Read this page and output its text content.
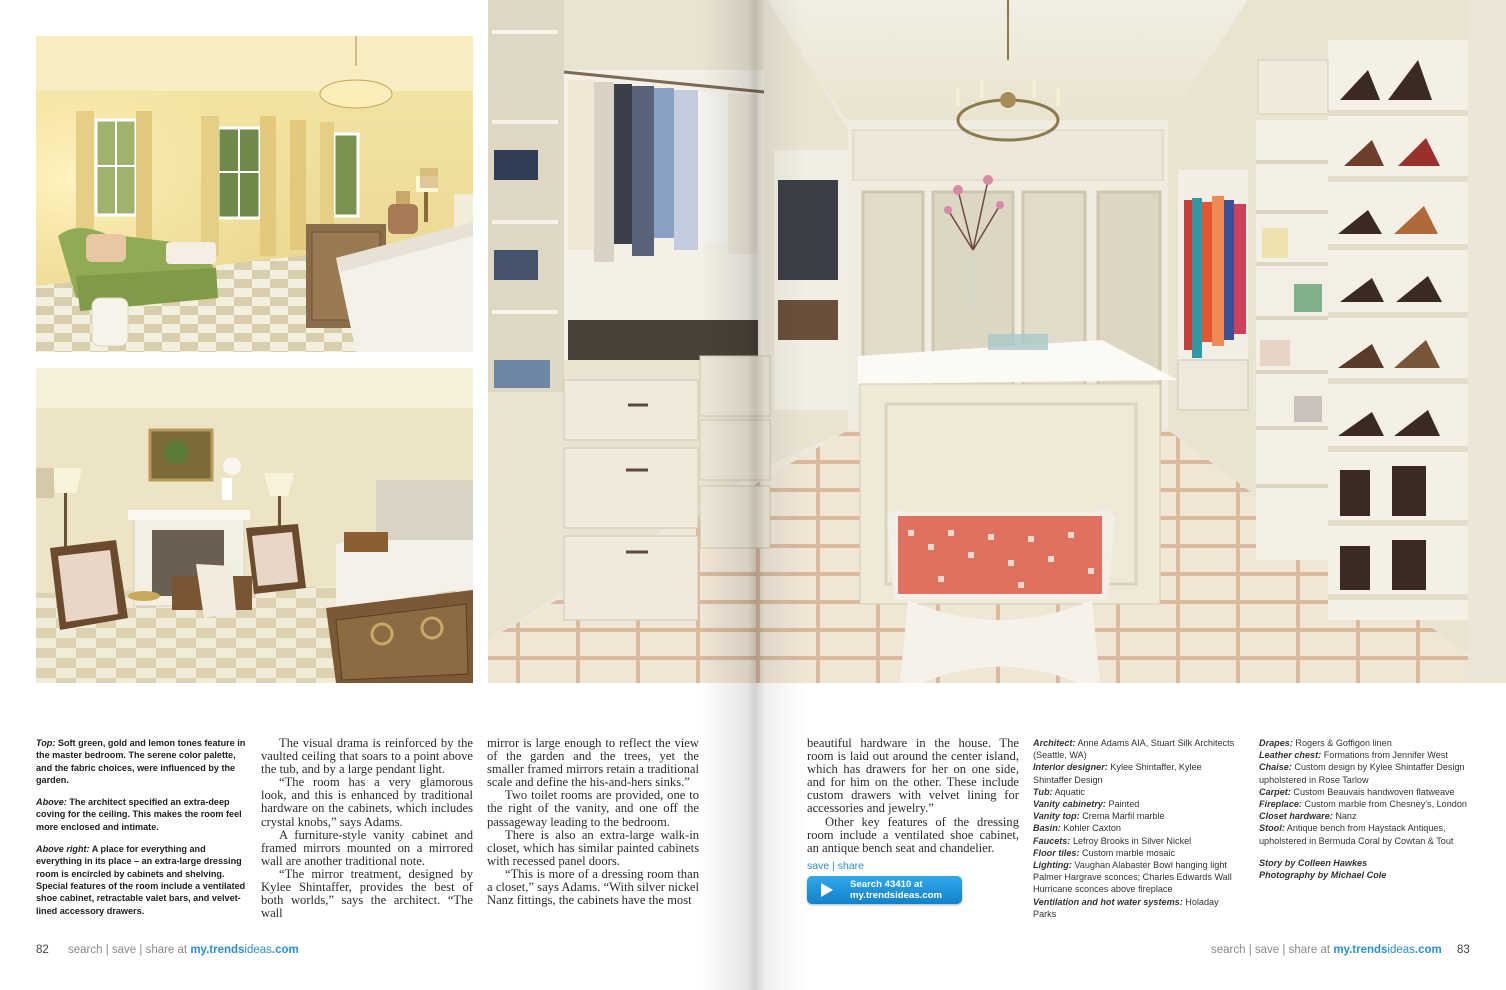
Top: Soft green, gold and lemon tones feature in the master bedroom. The serene color palette, and the fabric choices, were influenced by the garden.

Above: The architect specified an extra-deep coving for the ceiling. This makes the room feel more enclosed and intimate.

Above right: A place for everything and everything in its place – an extra-large dressing room is encircled by cabinets and shelving. Special features of the room include a ventilated shoe cabinet, retractable valet bars, and velvet-lined accessory drawers.

The visual drama is reinforced by the vaulted ceiling that soars to a point above the tub, and by a large pendant light.

“The room has a very glamorous look, and this is enhanced by traditional hardware on the cabinets, which includes crystal knobs,” says Adams.

A furniture-style vanity cabinet and framed mirrors mounted on a mirrored wall are another traditional note.

“The mirror treatment, designed by Kylee Shintaffer, provides the best of both worlds,” says the architect. “The wall

mirror is large enough to reflect the view of the garden and the trees, yet the smaller framed mirrors retain a traditional scale and define the his-and-hers sinks.”

Two toilet rooms are provided, one to the right of the vanity, and one off the passageway leading to the bedroom.

There is also an extra-large walk-in closet, which has similar painted cabinets with recessed panel doors.

“This is more of a dressing room than a closet,” says Adams. “With silver nickel Nanz fittings, the cabinets have the most

beautiful hardware in the house. The room is laid out around the center island, which has drawers for her on one side, and for him on the other. These include custom drawers with velvet lining for accessories and jewelry.”

Other key features of the dressing room include a ventilated shoe cabinet, an antique bench seat and chandelier.

save | share
Search 43410 at
my.trendsideas.com
Architect: Anne Adams AIA, Stuart Silk Architects (Seattle, WA)
Interior designer: Kylee Shintaffer, Kylee Shintaffer Design
Tub: Aquatic
Vanity cabinetry: Painted
Vanity top: Crema Marfil marble
Basin: Kohler Caxton
Faucets: Lefroy Brooks in Silver Nickel
Floor tiles: Custom marble mosaic
Lighting: Vaughan Alabaster Bowl hanging light Palmer Hargrave sconces; Charles Edwards Wall Hurricane sconces above fireplace
Ventilation and hot water systems: Holaday Parks
Drapes: Rogers & Goffigon linen
Leather chest: Formations from Jennifer West
Chaise: Custom design by Kylee Shintaffer Design upholstered in Rose Tarlow
Carpet: Custom Beauvais handwoven flatweave
Fireplace: Custom marble from Chesney's, London
Closet hardware: Nanz
Stool: Antique bench from Haystack Antiques, upholstered in Bermuda Coral by Cowtan & Tout
Story by Colleen Hawkes
Photography by Michael Cole
82 search | save | share at my.trendsideas.com	search | save | share at my.trendsideas.com 83
